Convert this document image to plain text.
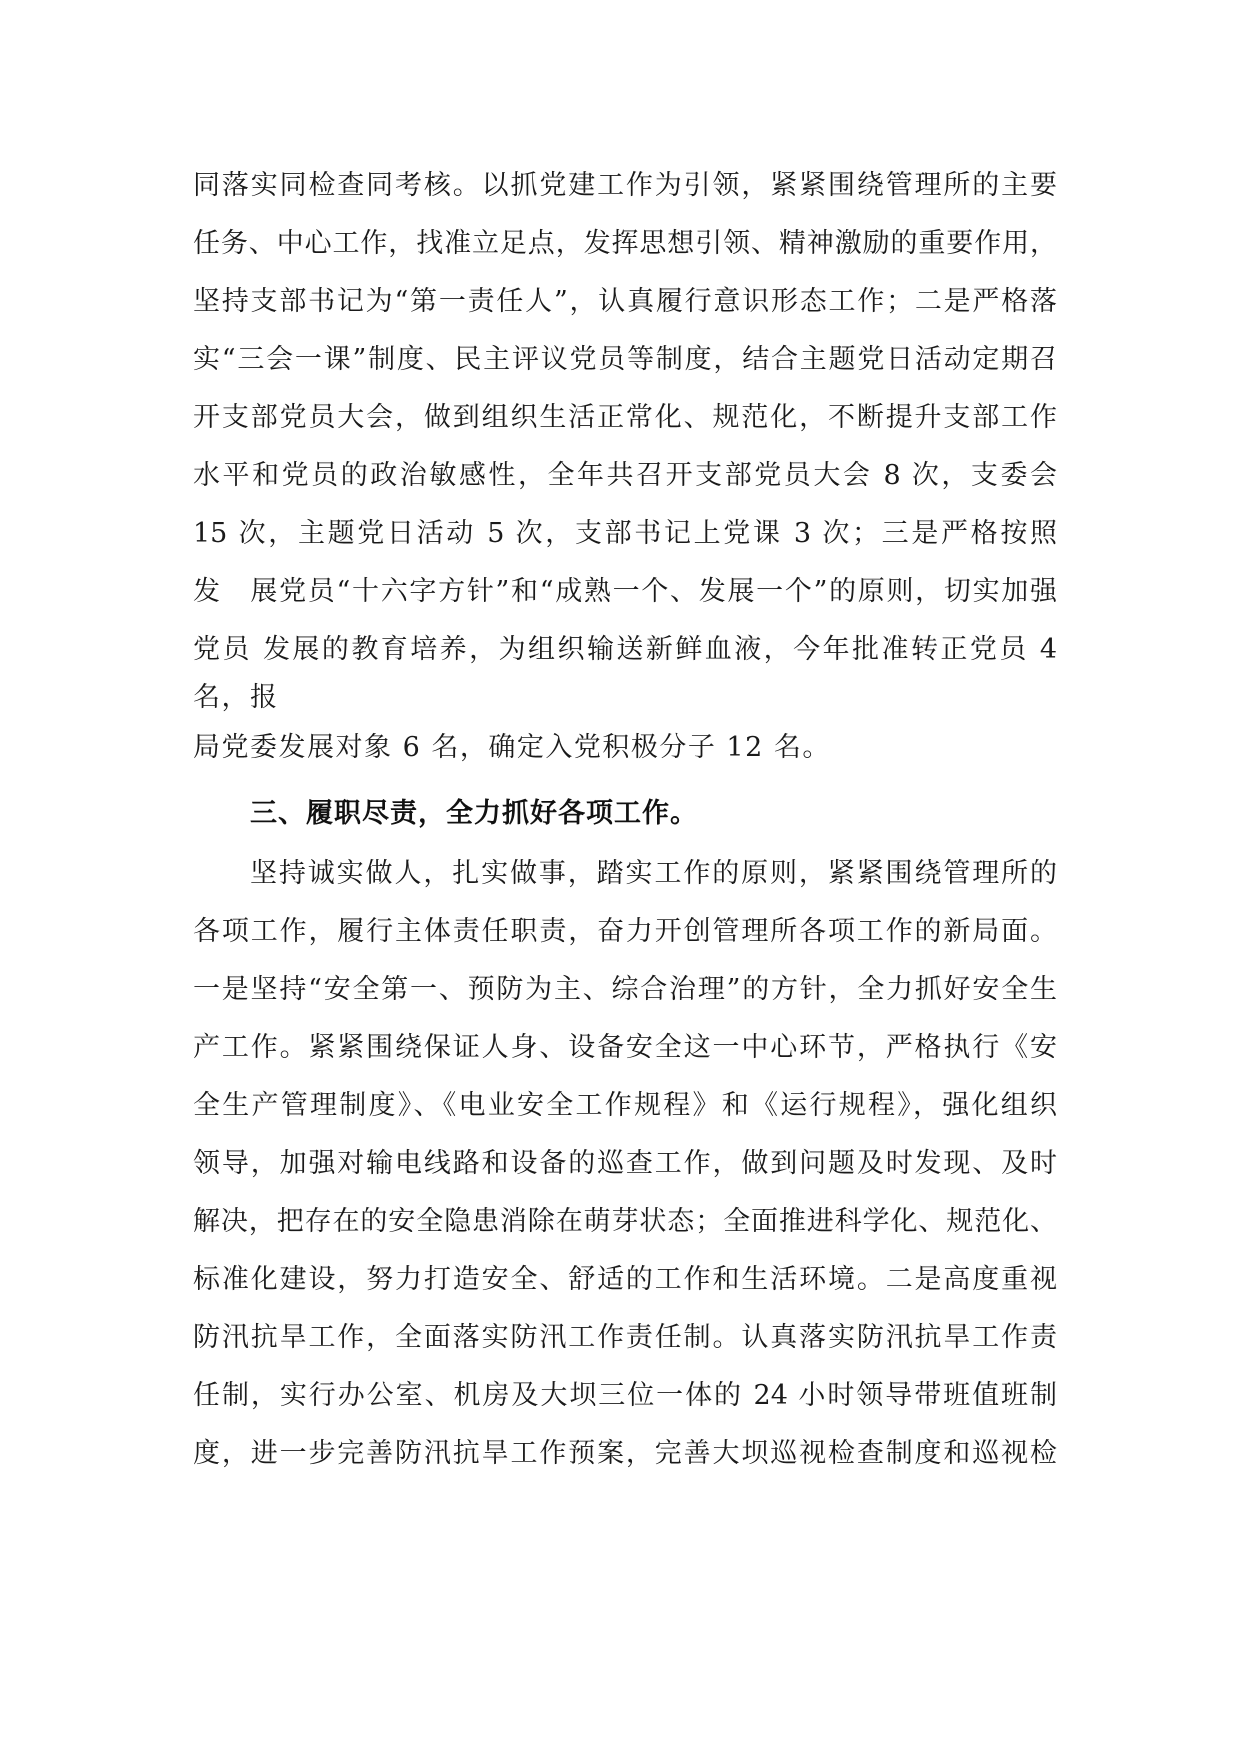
同落实同检查同考核。以抓党建工作为引领，紧紧围绕管理所的主要
任务、中心工作，找准立足点，发挥思想引领、精神激励的重要作用，
坚持支部书记为“第一责任人”，认真履行意识形态工作；二是严格落
实“三会一课”制度、民主评议党员等制度，结合主题党日活动定期召
开支部党员大会，做到组织生活正常化、规范化，不断提升支部工作
水平和党员的政治敏感性，全年共召开支部党员大会 8 次，支委会
15 次，主题党日活动 5 次，支部书记上党课 3 次；三是严格按照
发　展党员“十六字方针”和“成熟一个、发展一个”的原则，切实加强
党员 发展的教育培养，为组织输送新鲜血液，今年批准转正党员 4
名，报
局党委发展对象 6 名，确定入党积极分子 12 名。
三、履职尽责，全力抓好各项工作。
坚持诚实做人，扎实做事，踏实工作的原则，紧紧围绕管理所的
各项工作，履行主体责任职责，奋力开创管理所各项工作的新局面。
一是坚持“安全第一、预防为主、综合治理”的方针，全力抓好安全生
产工作。紧紧围绕保证人身、设备安全这一中心环节，严格执行《安
全生产管理制度》、《电业安全工作规程》和《运行规程》，强化组织
领导，加强对输电线路和设备的巡查工作，做到问题及时发现、及时
解决，把存在的安全隐患消除在萌芽状态；全面推进科学化、规范化、
标准化建设，努力打造安全、舒适的工作和生活环境。二是高度重视
防汛抗旱工作，全面落实防汛工作责任制。认真落实防汛抗旱工作责
任制，实行办公室、机房及大坝三位一体的 24 小时领导带班值班制
度，进一步完善防汛抗旱工作预案，完善大坝巡视检查制度和巡视检
